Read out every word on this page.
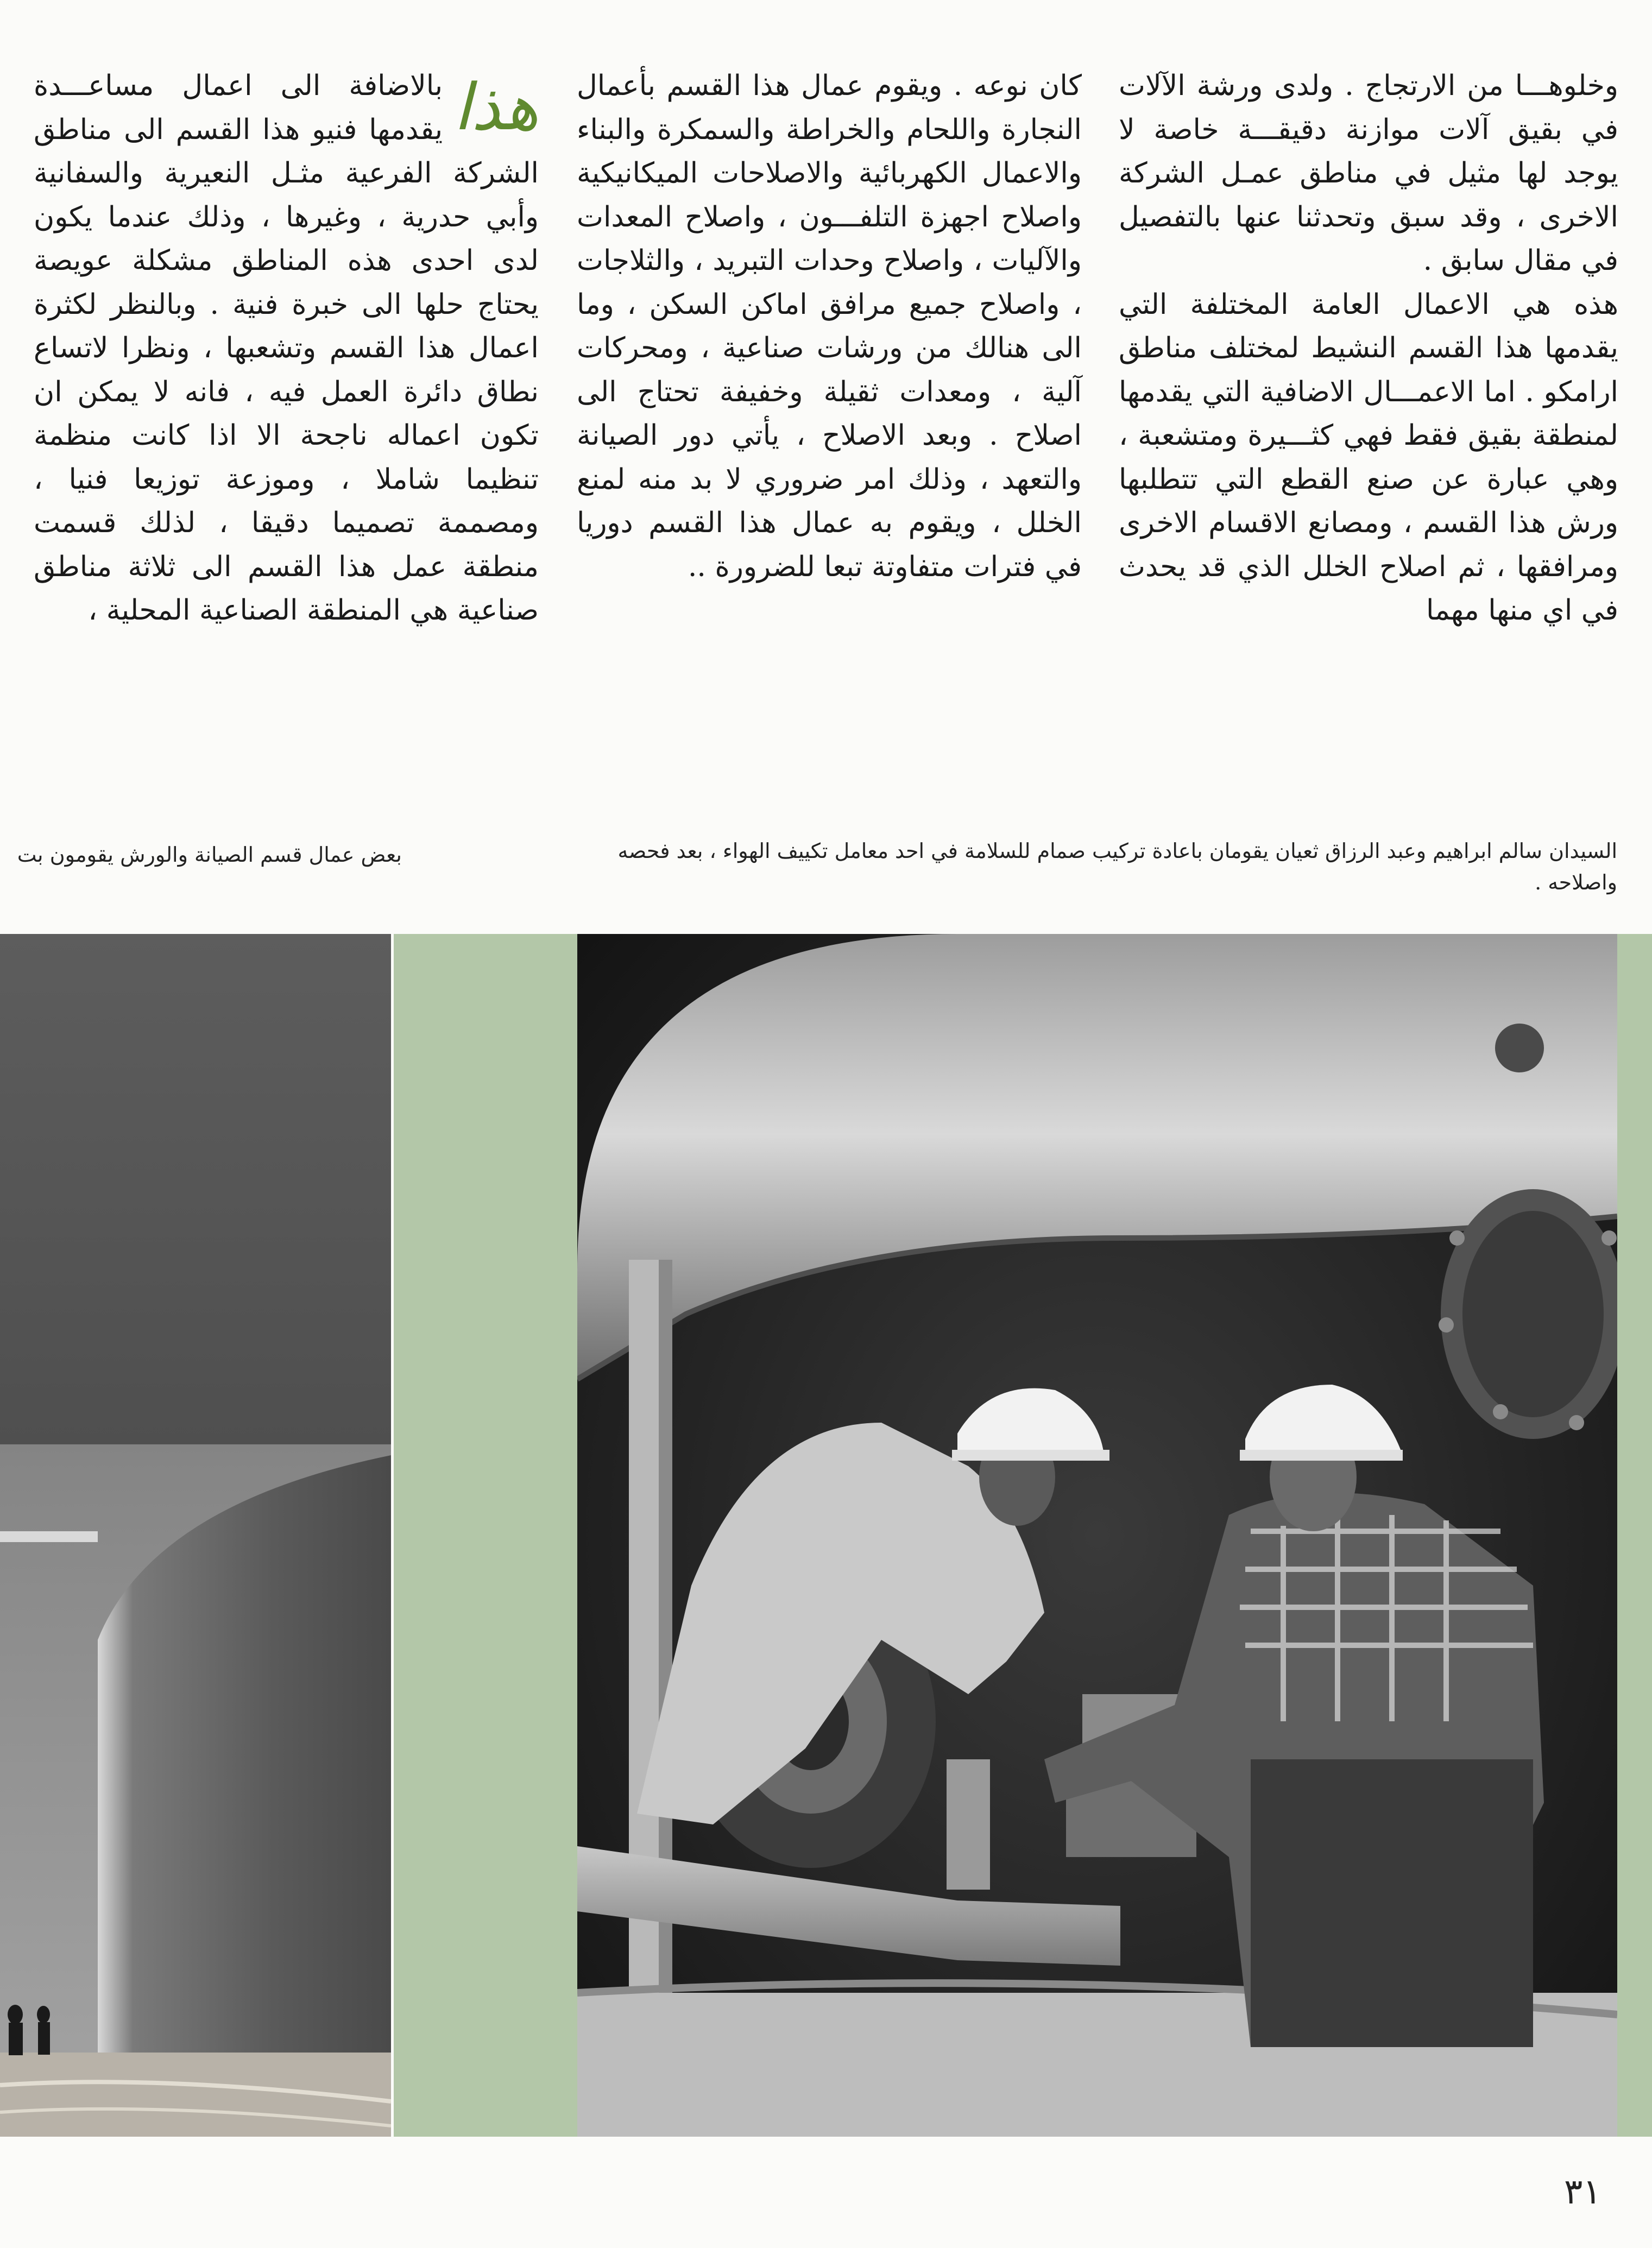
وخلوهـــا من الارتجاج . ولدى ورشة الآلات في بقيق آلات موازنة دقيقـــة خاصة لا يوجد لها مثيل في مناطق عمـل الشركة الاخرى ، وقد سبق وتحدثنا عنها بالتفصيل في مقال سابق .

هذه هي الاعمال العامة المختلفة التي يقدمها هذا القسم النشيط لمختلف مناطق ارامكو . اما الاعمـــال الاضافية التي يقدمها لمنطقة بقيق فقط فهي كثـــيرة ومتشعبة ، وهي عبارة عن صنع القطع التي تتطلبها ورش هذا القسم ، ومصانع الاقسام الاخرى ومرافقها ، ثم اصلاح الخلل الذي قد يحدث في اي منها مهما

كان نوعه . ويقوم عمال هذا القسم بأعمال النجارة واللحام والخراطة والسمكرة والبناء والاعمال الكهربائية والاصلاحات الميكانيكية واصلاح اجهزة التلفـــون ، واصلاح المعدات والآليات ، واصلاح وحدات التبريد ، والثلاجات ، واصلاح جميع مرافق اماكن السكن ، وما الى هنالك من ورشات صناعية ، ومحركات آلية ، ومعدات ثقيلة وخفيفة تحتاج الى اصلاح . وبعد الاصلاح ، يأتي دور الصيانة والتعهد ، وذلك امر ضروري لا بد منه لمنع الخلل ، ويقوم به عمال هذا القسم دوريا في فترات متفاوتة تبعا للضرورة ..

هذا

بالاضافة الى اعمال مساعـــدة يقدمها فنيو هذا القسم الى مناطق الشركة الفرعية مثـل النعيرية والسفانية وأبي حدرية ، وغيرها ، وذلك عندما يكون لدى احدى هذه المناطق مشكلة عويصة يحتاج حلها الى خبرة فنية . وبالنظر لكثرة اعمال هذا القسم وتشعبها ، ونظرا لاتساع نطاق دائرة العمل فيه ، فانه لا يمكن ان تكون اعماله ناجحة الا اذا كانت منظمة تنظيما شاملا ، وموزعة توزيعا فنيا ، ومصممة تصميما دقيقا ، لذلك قسمت منطقة عمل هذا القسم الى ثلاثة مناطق صناعية هي المنطقة الصناعية المحلية ،

السيدان سالم ابراهيم وعبد الرزاق ثعيان يقومان باعادة تركيب صمام للسلامة في احد معامل تكييف الهواء ، بعد فحصه واصلاحه .
بعض عمال قسم الصيانة والورش يقومون بت
٣١
